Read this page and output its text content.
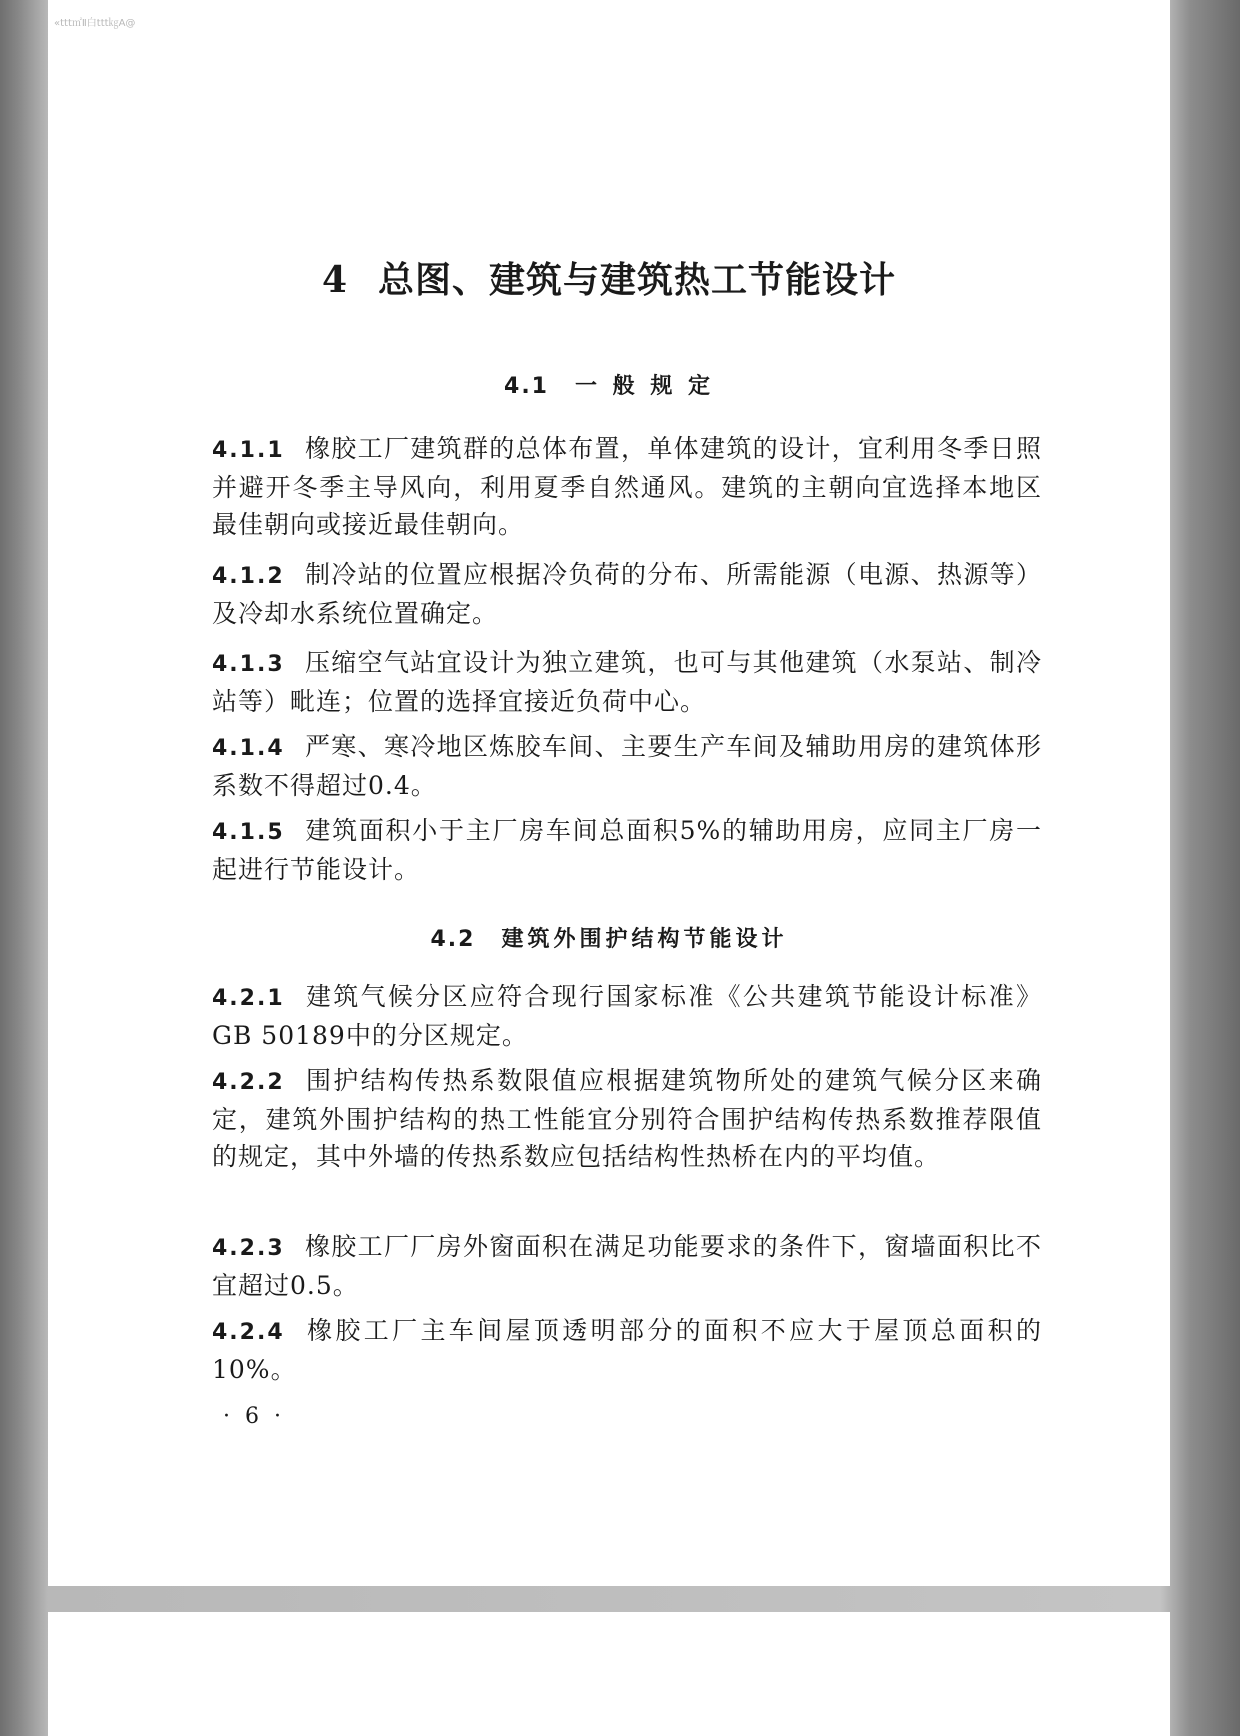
«ttt㎡Ⅱ白ttt㎏A@
4 总图、建筑与建筑热工节能设计
4.1 一 般 规 定
4.1.1 橡胶工厂建筑群的总体布置，单体建筑的设计，宜利用冬季日照并避开冬季主导风向，利用夏季自然通风。建筑的主朝向宜选择本地区最佳朝向或接近最佳朝向。
4.1.2 制冷站的位置应根据冷负荷的分布、所需能源（电源、热源等）及冷却水系统位置确定。
4.1.3 压缩空气站宜设计为独立建筑，也可与其他建筑（水泵站、制冷站等）毗连；位置的选择宜接近负荷中心。
4.1.4 严寒、寒冷地区炼胶车间、主要生产车间及辅助用房的建筑体形系数不得超过0.4。
4.1.5 建筑面积小于主厂房车间总面积5%的辅助用房，应同主厂房一起进行节能设计。
4.2 建筑外围护结构节能设计
4.2.1 建筑气候分区应符合现行国家标准《公共建筑节能设计标准》GB 50189中的分区规定。
4.2.2 围护结构传热系数限值应根据建筑物所处的建筑气候分区来确定，建筑外围护结构的热工性能宜分别符合围护结构传热系数推荐限值的规定，其中外墙的传热系数应包括结构性热桥在内的平均值。
4.2.3 橡胶工厂厂房外窗面积在满足功能要求的条件下，窗墙面积比不宜超过0.5。
4.2.4 橡胶工厂主车间屋顶透明部分的面积不应大于屋顶总面积的10%。
· 6 ·
